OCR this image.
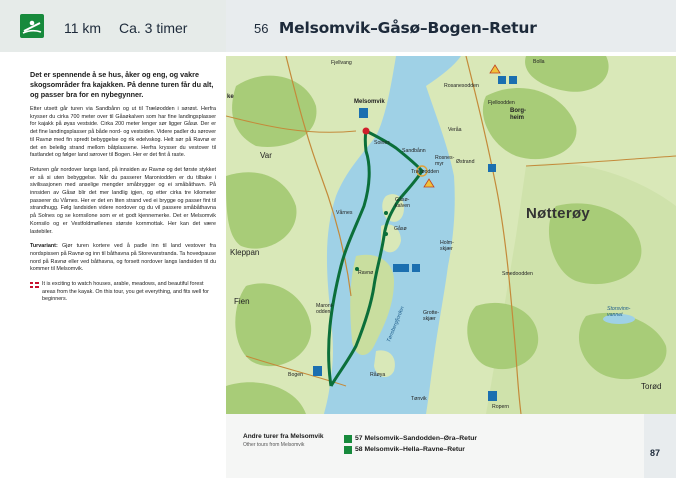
11 km Ca. 3 timer	56 Melsomvik–Gåsø–Bogen–Retur

Det er spennende å se hus, åker og eng, og vakre skogsområder fra kajakken. På denne turen får du alt, og passer bra for en nybegynner.

Etter utsett går turen via Sandbånn og ut til Træløodden i sørøst. Herfra krysser du cirka 700 meter over til Gåsøkalven som har fine landingsplasser for kajakk på øyas vestside. Cirka 200 meter lenger sør ligger Gåsø. Der er det fine landingsplasser på både nord- og vestsiden. Videre padler du sørover til Ravnø med fin spredt bebyggelse og rik edelvskog. Helt sør på Ravnø er det en beleilig strand mellom båtplassene. Herfra krysser du vestover til fastlandet og følger land sørover til Bogen. Her er det fint å raste.

Returen går nordover langs land, på innsiden av Ravnø og det første stykket er så si uten bebyggelse. Når du passerer Maroniodden er du tilbake i sivilisasjonen med anselige mengder småbrygger og ei småbåthavn. På innsiden av Gåsø blir det mer landlig igjen, og etter cirka tre kilometer passerer du Vårnes. Her er det en liten strand ved ei brygge og passer fint til strandhugg. Følg landsiden videre nordover og du vil passere småbåthavna på Solnes og se kornsilone som er et godt kjennemerke. Det er Melsomvik Kornsilo og er Vestfoldmøllenes største kornmottak. Her kan det være lastebiler.

Turvariant: Gjør turen kortere ved å padle inn til land vestover fra nordspissen på Ravnø og inn til båthavna på Storevarstranda. Ta hovedpause nord på Ravnø eller ved båthavna, og forsett nordover langs landsiden til du kommer til Melsomvik.

It is exciting to watch houses, arable, meadows, and beautiful forest areas from the kayak. On this tour, you get everything, and fits well for beginners.
Fjellvang
Melsomvik
Solnes
Sandbånn
Træløodden
Rosanesodden
Veråa
Fjelloodden
Bolla
Borg-
heim
Rosnes-
myr	Østrand
Var
Vårnes
Gåsø-
kalven
Gåsø
Holm-
skjær
Nøtterøy
Kleppan
Ravnø	Smedoodden
Fien	Maroni-
odden	Grotte-
skjær
Storsvinn-
vannet
Bogen	Råøya
Tønvik
Torød
Ropern
ke
Tønsbergfjorden
Andre turer fra Melsomvik
Other tours from Melsomvik
57 Melsomvik–Sandodden–Øra–Retur
58 Melsomvik–Hella–Ravne–Retur	87
